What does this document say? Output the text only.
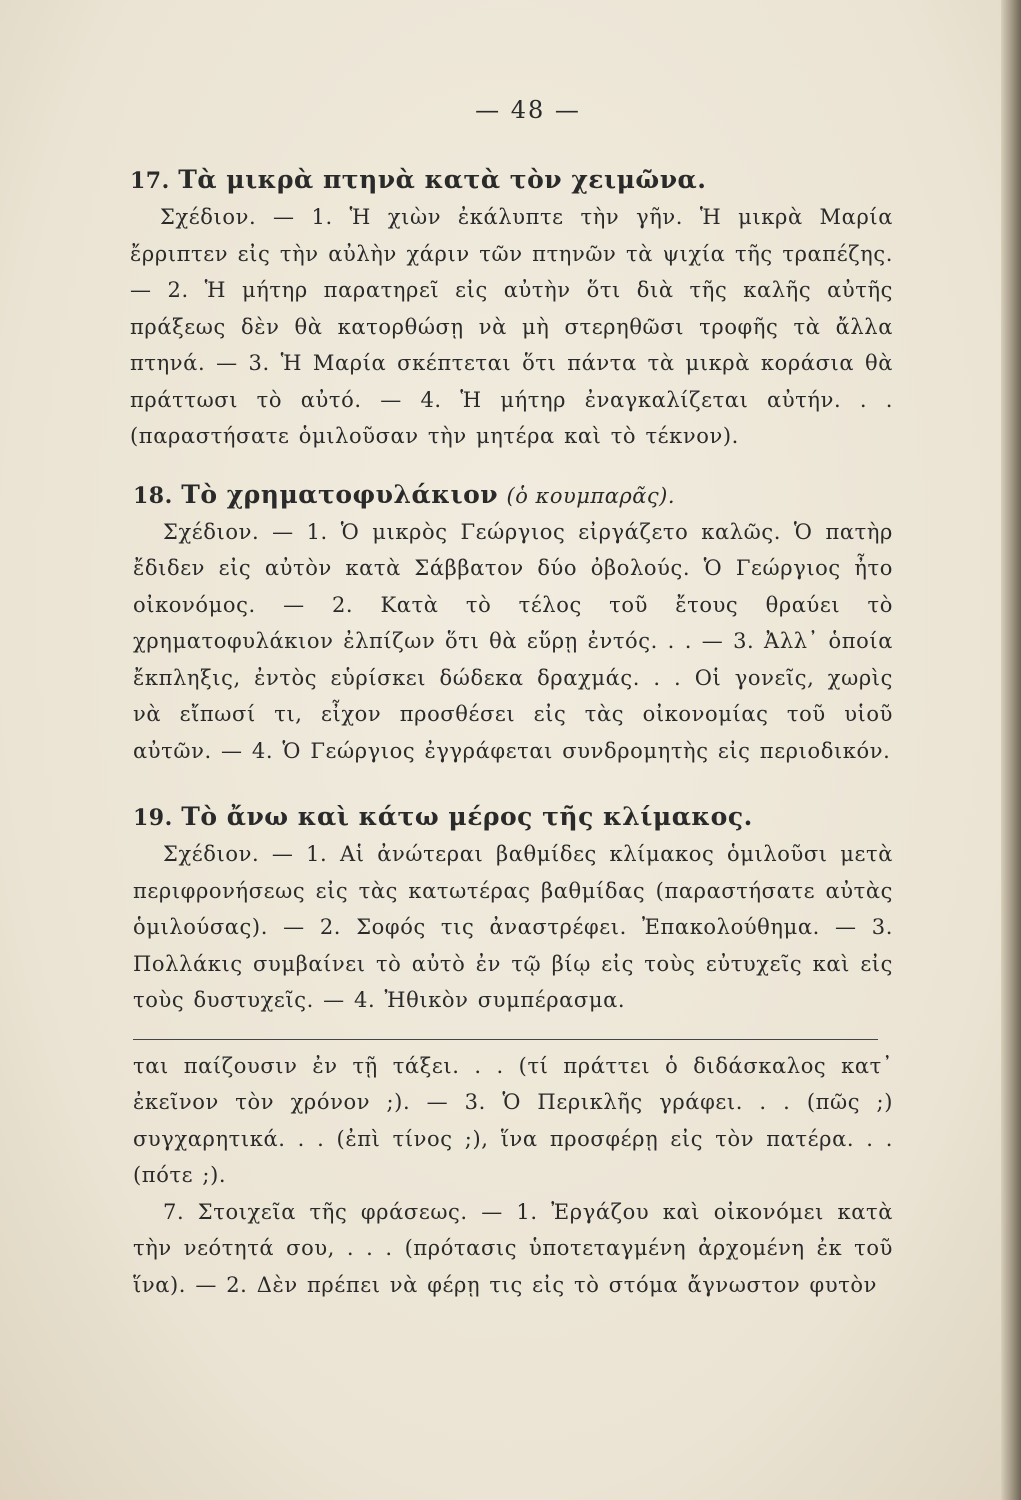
— 48 —
17. Τὰ μικρὰ πτηνὰ κατὰ τὸν χειμῶνα.

Σχέδιον. — 1. Ἡ χιὼν ἐκάλυπτε τὴν γῆν. Ἡ μικρὰ Μαρία ἔρριπτεν εἰς τὴν αὐλὴν χάριν τῶν πτηνῶν τὰ ψιχία τῆς τραπέζης. — 2. Ἡ μήτηρ παρατηρεῖ εἰς αὐτὴν ὅτι διὰ τῆς καλῆς αὐτῆς πράξεως δὲν θὰ κατορθώσῃ νὰ μὴ στερηθῶσι τροφῆς τὰ ἄλλα πτηνά. — 3. Ἡ Μαρία σκέπτεται ὅτι πάντα τὰ μικρὰ κοράσια θὰ πράττωσι τὸ αὐτό. — 4. Ἡ μήτηρ ἐναγκαλίζεται αὐτήν. . . (παραστήσατε ὁμιλοῦσαν τὴν μητέρα καὶ τὸ τέκνον).

18. Τὸ χρηματοφυλάκιον (ὁ κουμπαρᾶς).

Σχέδιον. — 1. Ὁ μικρὸς Γεώργιος εἰργάζετο καλῶς. Ὁ πατὴρ ἔδιδεν εἰς αὐτὸν κατὰ Σάββατον δύο ὀβολούς. Ὁ Γεώργιος ἦτο οἰκονόμος. — 2. Κατὰ τὸ τέλος τοῦ ἔτους θραύει τὸ χρηματοφυλάκιον ἐλπίζων ὅτι θὰ εὕρῃ ἐντός. . . — 3. Ἀλλ᾽ ὁποία ἔκπληξις, ἐντὸς εὑρίσκει δώδεκα δραχμάς. . . Οἱ γονεῖς, χωρὶς νὰ εἴπωσί τι, εἶχον προσθέσει εἰς τὰς οἰκονομίας τοῦ υἱοῦ αὐτῶν. — 4. Ὁ Γεώργιος ἐγγράφεται συνδρομητὴς εἰς περιοδικόν.

19. Τὸ ἄνω καὶ κάτω μέρος τῆς κλίμακος.

Σχέδιον. — 1. Αἱ ἀνώτεραι βαθμίδες κλίμακος ὁμιλοῦσι μετὰ περιφρονήσεως εἰς τὰς κατωτέρας βαθμίδας (παραστήσατε αὐτὰς ὁμιλούσας). — 2. Σοφός τις ἀναστρέφει. Ἐπακολούθημα. — 3. Πολλάκις συμβαίνει τὸ αὐτὸ ἐν τῷ βίῳ εἰς τοὺς εὐτυχεῖς καὶ εἰς τοὺς δυστυχεῖς. — 4. Ἠθικὸν συμπέρασμα.

ται παίζουσιν ἐν τῇ τάξει. . . (τί πράττει ὁ διδάσκαλος κατ᾽ ἐκεῖνον τὸν χρόνον ;). — 3. Ὁ Περικλῆς γράφει. . . (πῶς ;) συγχαρητικά. . . (ἐπὶ τίνος ;), ἵνα προσφέρῃ εἰς τὸν πατέρα. . . (πότε ;).

7. Στοιχεῖα τῆς φράσεως. — 1. Ἐργάζου καὶ οἰκονόμει κατὰ τὴν νεότητά σου, . . . (πρότασις ὑποτεταγμένη ἀρχομένη ἐκ τοῦ ἵνα). — 2. Δὲν πρέπει νὰ φέρῃ τις εἰς τὸ στόμα ἄγνωστον φυτὸν
